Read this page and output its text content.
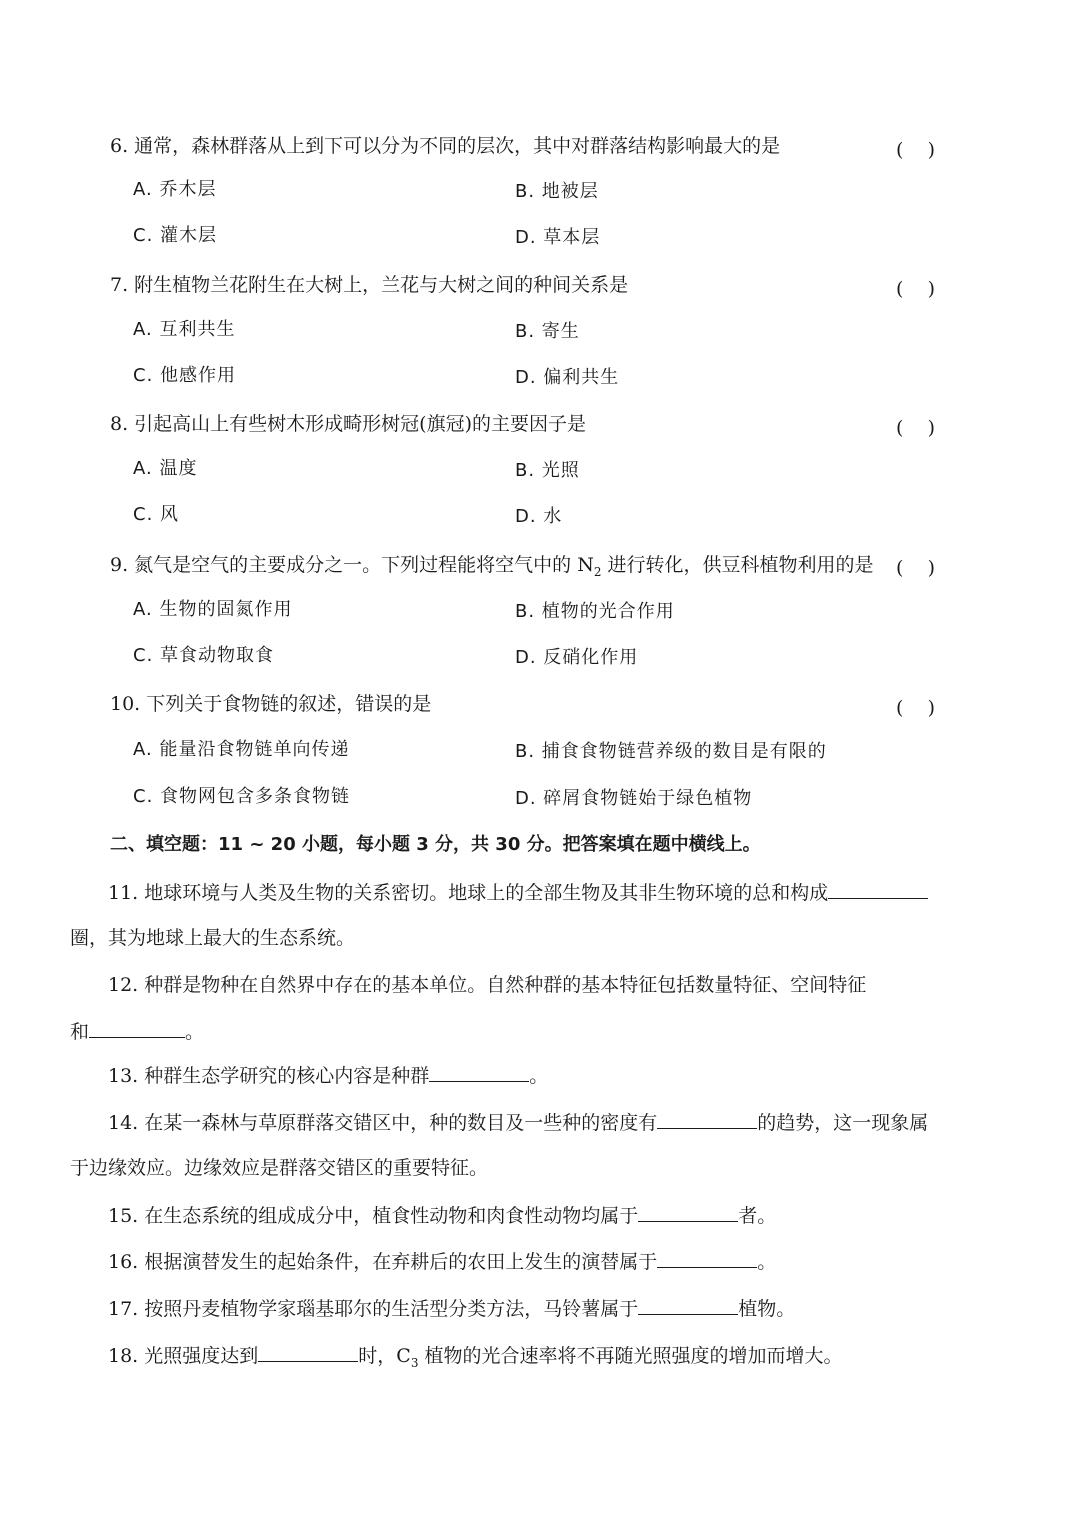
6. 通常，森林群落从上到下可以分为不同的层次，其中对群落结构影响最大的是	(    )
A. 乔木层	B. 地被层
C. 灌木层	D. 草本层
7. 附生植物兰花附生在大树上，兰花与大树之间的种间关系是	(    )
A. 互利共生	B. 寄生
C. 他感作用	D. 偏利共生
8. 引起高山上有些树木形成畸形树冠(旗冠)的主要因子是	(    )
A. 温度	B. 光照
C. 风	D. 水
9. 氮气是空气的主要成分之一。下列过程能将空气中的 $N_2$ 进行转化，供豆科植物利用的是 (    )
A. 生物的固氮作用	B. 植物的光合作用
C. 草食动物取食	D. 反硝化作用
10. 下列关于食物链的叙述，错误的是	(    )
A. 能量沿食物链单向传递	B. 捕食食物链营养级的数目是有限的
C. 食物网包含多条食物链	D. 碎屑食物链始于绿色植物
二、填空题：11 ~ 20 小题，每小题 3 分，共 30 分。把答案填在题中横线上。
11. 地球环境与人类及生物的关系密切。地球上的全部生物及其非生物环境的总和构成
圈，其为地球上最大的生态系统。
12. 种群是物种在自然界中存在的基本单位。自然种群的基本特征包括数量特征、空间特征
和	。
13. 种群生态学研究的核心内容是种群	。
14. 在某一森林与草原群落交错区中，种的数目及一些种的密度有	的趋势，这一现象属
于边缘效应。边缘效应是群落交错区的重要特征。
15. 在生态系统的组成成分中，植食性动物和肉食性动物均属于	者。
16. 根据演替发生的起始条件，在弃耕后的农田上发生的演替属于	。
17. 按照丹麦植物学家瑙基耶尔的生活型分类方法，马铃薯属于	植物。
18. 光照强度达到	时，$C_3$ 植物的光合速率将不再随光照强度的增加而增大。
